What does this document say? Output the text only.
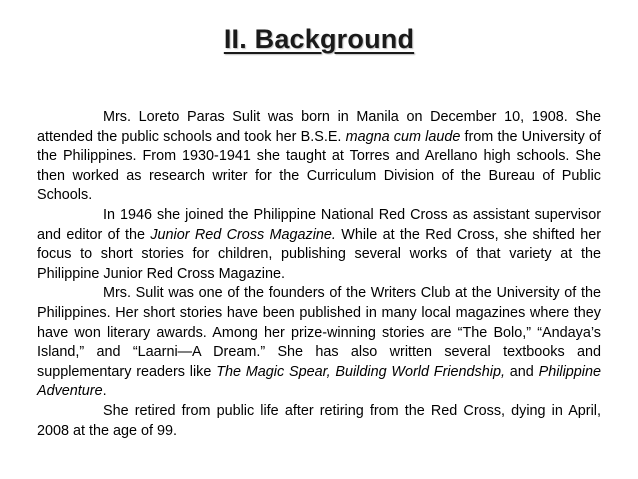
II. Background

Mrs. Loreto Paras Sulit was born in Manila on December 10, 1908. She attended the public schools and took her B.S.E. magna cum laude from the University of the Philippines. From 1930-1941 she taught at Torres and Arellano high schools. She then worked as research writer for the Curriculum Division of the Bureau of Public Schools.

In 1946 she joined the Philippine National Red Cross as assistant supervisor and editor of the Junior Red Cross Magazine. While at the Red Cross, she shifted her focus to short stories for children, publishing several works of that variety at the Philippine Junior Red Cross Magazine.

Mrs. Sulit was one of the founders of the Writers Club at the University of the Philippines. Her short stories have been published in many local magazines where they have won literary awards. Among her prize-winning stories are “The Bolo,” “Andaya’s Island,” and “Laarni—A Dream.” She has also written several textbooks and supplementary readers like The Magic Spear, Building World Friendship, and Philippine Adventure.

She retired from public life after retiring from the Red Cross, dying in April, 2008 at the age of 99.
